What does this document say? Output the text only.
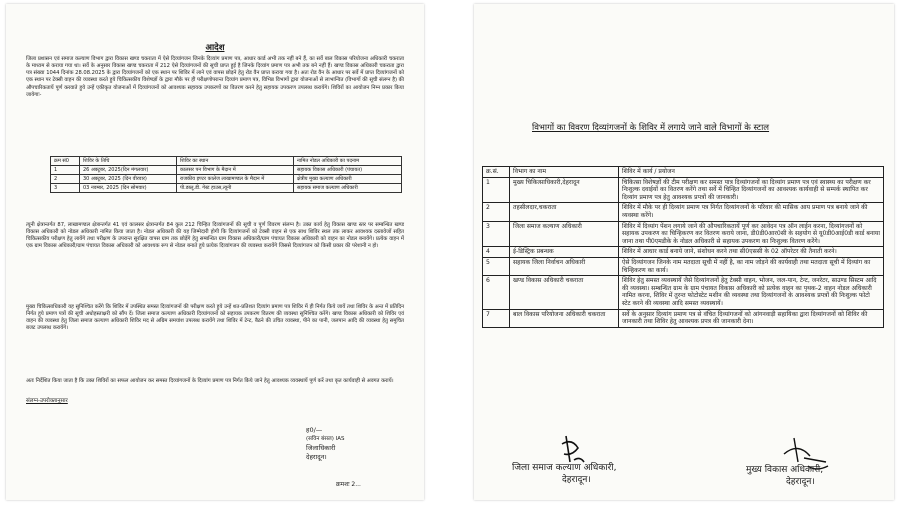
आदेश

जिला प्रशासन एवं समाज कल्याण विभाग द्वारा विकास खण्ड चकराता में ऐसे दिव्यांगजन जिनके दिव्यांग प्रमाण पत्र, आधार कार्ड अभी तक नहीं बने हैं, का सर्वे बाल विकास परियोजना अधिकारी चकराता के माध्यम से कराया गया था। सर्वे के अनुसार विकास खण्ड चकराता में 212 ऐसे दिव्यांगजनों की सूची प्राप्त हुई है जिनके दिव्यांग प्रमाण पत्र अभी तक बने नहीं हैं। खण्ड विकास अधिकारी चकराता द्वारा पत्र संख्या 1044 दिनांक 28.08.2025 के द्वारा दिव्यांगजनों को एक स्थान पर शिविर में लाने एवं वापस छोड़ने हेतु रोड वैन प्राप्त कराया गया है। अतः रोड वैन के आधार पर सर्वे में प्राप्त दिव्यांगजनों को एक स्थान पर टेक्सी वाहन की व्यवस्था करते हुये चिकित्सकीय विशेषज्ञों के द्वारा मौके पर ही परीक्षणोपरान्त दिव्यांग प्रमाण पत्र, विभिन्न विभागों द्वारा योजनाओं से लाभान्वित (विभागों की सूची संलग्न है) की औपचारिकतायें पूर्ण करवाते हुये उन्हें एकीकृत योजनाओं में दिव्यांगजनों को आवश्यक सहायक उपकरणों का वितरण करने हेतु सहायक उपकरण उपलब्ध करायेंगे। शिविरों का आयोजन निम्न प्रकार किया जायेगाः-

क्रम सं0	शिविर के तिथि	शिविर का स्थान	नामित नोडल अधिकारी का पदनाम
1	26 अक्टूबर, 2025(दिन मंगलवार)	कालसर पन विभाग के मैदान में	सहायक विकास अधिकारी (पंचायत)
2	30 अक्टूबर, 2025 (दिन वीरवार)	राजकीय इण्टर कालेज लाखामण्डल के मैदान में	क्षेत्रीय मुख्य कल्याण अधिकारी
3	03 नवम्बर, 2025 (दिन सोमवार)	पी.डब्लू.डी. गेस्ट हाउस,त्यूनी	सहायक समाज कल्याण अधिकारी

त्यूनी क्षेत्रान्तर्गत 87, लाखामण्डल क्षेत्रान्तर्गत 41 एवं कालसर क्षेत्रान्तर्गत 84 कुल 212 चिन्हित दिव्यांगजनों की सूची व पूर्ण विवरण संलग्न है। उक्त कार्य हेतु विकास खण्ड स्तर पर सम्बन्धित खण्ड विकास अधिकारी को नोडल अधिकारी नामित किया जाता है। नोडल अधिकारी की यह जिम्मेदारी होगी कि दिव्यांगजनों को टेक्सी वाहन से एक साथ शिविर स्थल तक लाकर आवश्यक दस्तावेजों सहित चिकित्सकीय परीक्षण हेतु लायेंगे तथा परीक्षण के उपरान्त सुरक्षित वापस ग्राम तक छोड़ेंगे हेतु सम्बन्धित ग्राम विकास अधिकारी/ग्राम पंचायत विकास अधिकारी को वाहन का नोडल बनायेंगे। प्रत्येक वाहन में एक ग्राम विकास अधिकारी/ग्राम पंचायत विकास अधिकारी को आवश्यक रूप से नोडल बनाते हुये प्रत्येक दिव्यांगजन की व्यवस्था करायेंगे जिससे दिव्यांगजन को किसी प्रकार की परेशानी न हो।

मुख्य चिकित्साधिकारी यह सुनिश्चित करेंगे कि शिविर में उपस्थित समस्त दिव्यांगजनों की परीक्षण करते हुये उन्हें शत-प्रतिशत दिव्यांग प्रमाण पत्र शिविर में ही निर्गत किये जायें तथा शिविर के अन्त में प्रतिदिन निर्गत हुये प्रमाण पत्रों की सूची अधोहस्ताक्षरी को सौंप दें। जिला समाज कल्याण अधिकारी दिव्यांगजनों को सहायक उपकरण वितरण की व्यवस्था सुनिश्चित करेंगे। खण्ड विकास अधिकारी को शिविर एवं वाहन की व्यवस्था हेतु जिला समाज कल्याण अधिकारी शिविर मद से अग्रिम समयांश उपलब्ध करायेंगे तथा शिविर में टेन्ट, बैठने की उचित व्यवस्था, पीने का पानी, जलपान आदि की व्यवस्था हेतु समुचित बजट उपलब्ध करायेंगे।

अतः निर्देशित किया जाता है कि उक्त शिविरों का सफल आयोजन कर समस्त दिव्यांगजनों के दिव्यांग प्रमाण पत्र निर्गत किये जाने हेतु आवश्यक व्यवस्थायें पूर्ण करें तथा कृत कार्यवाही से अवगत करायें।

संलग्न-उपरोक्तानुसार
ह0/—
(सविन बंसल) IAS
जिलाधिकारी
देहरादून।
क्रमशः 2...
विभागों का विवरण दिव्यांगजनों के शिविर में लगाये जाने वाले विभागों के स्टाल
क्र.सं.	विभाग का नाम	शिविर में कार्य / प्रयोजन
1	मुख्य चिकित्साधिकारी,देहरादून	चिकित्सा विशेषज्ञों की टीम परीक्षण कर समस्त पात्र दिव्यांगजनों का दिव्यांग प्रमाण पत्र एवं स्वास्थ्य का परीक्षण कर निःशुल्क दवाईयों का वितरण करेंगे तथा सर्वे में चिन्हित दिव्यांगजनों का आवश्यक कार्यवाही से सम्पर्क स्थापित कर दिव्यांग प्रमाण पत्र हेतु आवश्यक प्रपत्रों की जानकारी।
2	तहसीलदार,चकराता	शिविर में मौके पर ही दिव्यांग प्रमाण पत्र निर्गत दिव्यांगजनों के परिवार की मासिक आय प्रमाण पत्र बनाये जाने की व्यवस्था करेंगे।
3	जिला समाज कल्याण अधिकारी	शिविर में दिव्यांग पेंशन लगाये जाने की औपचारिकतायें पूर्ण कर आवेदन पत्र ऑन लाईन करना, दिव्यांगजनों को सहायक उपकरण का चिन्हिकरण कर वितरण कराये जाना, डी0डी0आर0सी के सहयोग से यू0डी0आई0डी कार्ड बनाया जाना तथा पी0एमडीके के नोडल अधिकारी से सहायक उपकरण का निःशुल्क वितरण करेंगे।
4	ई-डिस्ट्रिक प्रबन्धक	शिविर में आधार कार्ड बनाये जाने, संशोधन करने तथा सी0एससी के 02 ऑपरेटर की तैनाती करने।
5	सहायक जिला निर्वाचन अधिकारी	ऐसे दिव्यांगजन जिनके नाम मतदाता सूची में नहीं है, का नाम जोड़ने की कार्यवाही तथा मतदाता सूची में दिव्यांग का चिन्हिकरण का कार्य।
6	खण्ड विकास अधिकारी चकराता	शिविर हेतु समस्त व्यवस्थायें जैसे दिव्यांगजनों हेतु टेक्सी वाहन, भोजन, जल-पान, टेन्ट, जनरेटर, साउण्ड सिस्टम आदि की व्यवस्था। सम्बन्धित ग्राम के ग्राम पंचायत विकास अधिकारी को प्रत्येक वाहन का पृथक-2 वाहन नोडल अधिकारी नामित करना, शिविर में तुरन्त फोटोस्टेट मशीन की व्यवस्था तथा दिव्यांगजनों के आवश्यक प्रपत्रों की निःशुल्क फोटो स्टेट करने की व्यवस्था आदि समस्त व्यवस्थायें।
7	बाल विकास परियोजना अधिकारी चकराता	सर्वे के अनुसार दिव्यांग प्रमाण पत्र से वंचित दिव्यांगजनों को आंगनवाड़ी सहायिका द्वारा दिव्यांगजनों को शिविर की जानकारी तथा शिविर हेतु आवश्यक प्रपत्र की जानकारी देना।
जिला समाज कल्याण अधिकारी,
देहरादून।
मुख्य विकास अधिकारी,
देहरादून।
